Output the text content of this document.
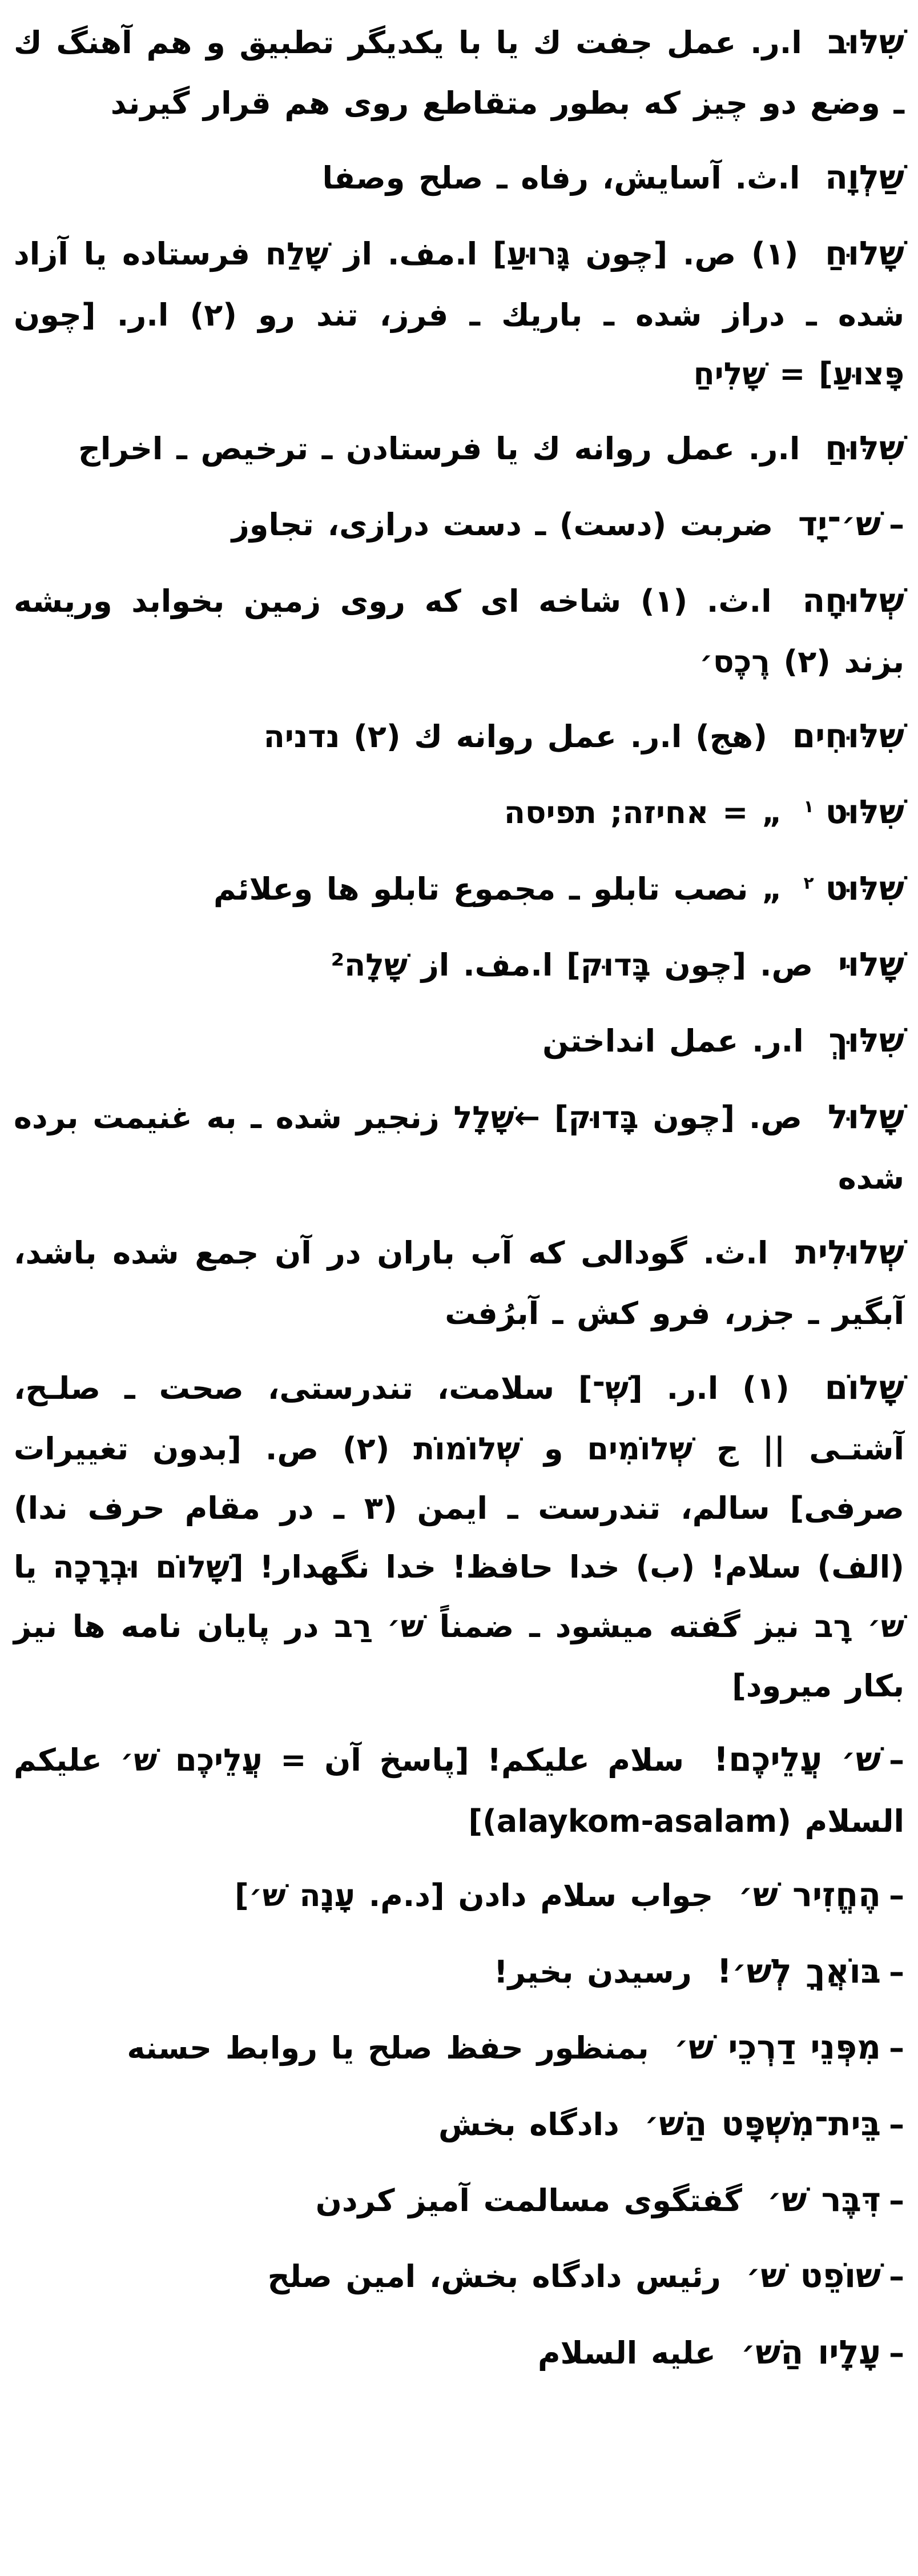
שִׁלּוּב ا.ر. عمل جفت ك يا با يكديگر تطبيق و هم آهنگ ك ـ وضع دو چيز كه بطور متقاطع روى هم قرار گيرند

שַׁלְוָה ا.ث. آسايش، رفاه ـ صلح وصفا

שָׁלוּחַ (١) ص. [چون גָּרוּעַ] ا.مف. از שָׁלַח فرستاده يا آزاد شده ـ دراز شده ـ باريك ـ فرز، تند رو (٢) ا.ر. [چون פָּצוּעַ] = שָׁלִיחַ

שִׁלּוּחַ ا.ر. عمل روانه ك يا فرستادن ـ ترخيص ـ اخراج

–שׁ׳־יָד ضربت (دست) ـ دست درازى، تجاوز

שְׁלוּחָה ا.ث. (١) شاخه اى كه روى زمين بخوابد وريشه بزند (٢) רֶכֶס׳

שִׁלּוּחִים (هج) ا.ر. عمل روانه ك (٢) נדניה

שִׁלּוּט$^١$ „ = אחיזה; תפיסה

שִׁלּוּט$^٢$ „ نصب تابلو ـ مجموع تابلو ها وعلائم

שָׁלוּי ص. [چون בָּדוּק] ا.مف. از שָׁלָה²

שִׁלּוּךְ ا.ر. عمل انداختن

שָׁלוּל ص. [چون בָּדוּק] ←שָׁלָל زنجير شده ـ به غنيمت برده شده

שְׁלוּלִית ا.ث. گودالى كه آب باران در آن جمع شده باشد، آبگير ـ جزر، فرو كش ـ آبرُفت

שָׁלוֹם (١) ا.ر. [שְׁ־] سلامت، تندرستى، صحت ـ صلـح، آشتـى || ج שְׁלוֹמִים و שְׁלוֹמוֹת (٢) ص. [بدون تغييرات صرفى] سالم، تندرست ـ ايمن (٣ ـ در مقام حرف ندا) (الف) سلام! (ب) خدا حافظ! خدا نگهدار! [שָׁלוֹם וּבְרָכָה يا שׁ׳ רָב نيز گفته ميشود ـ ضمناً שׁ׳ רַב در پايان نامه ها نيز بكار ميرود]

–שׁ׳ עֲלֵיכֶם! سلام عليكم! [پاسخ آن = עֲלֵיכֶם שׁ׳ عليكم السلام ‎(alaykom-asalam)‏]

–הֶחֱזִיר שׁ׳ جواب سلام دادن [د.م. עָנָה שׁ׳]

–בּוֹאֲךָ לְשׁ׳! رسيدن بخير!

–מִפְּנֵי דַרְכֵי שׁ׳ بمنظور حفظ صلح يا روابط حسنه

–בֵּית־מִשְׁפָּט הַשׁ׳ دادگاه بخش

–דִּבֶּר שׁ׳ گفتگوى مسالمت آميز كردن

–שׁוֹפֵט שׁ׳ رئيس دادگاه بخش، امين صلح

–עָלָיו הַשׁ׳ عليه السلام
